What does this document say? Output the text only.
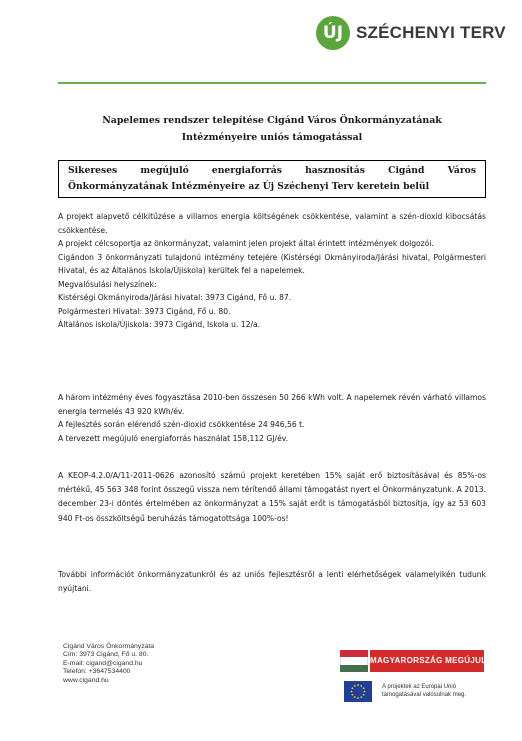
ÚJ SZÉCHENYI TERV
Napelemes rendszer telepítése Cigánd Város Önkormányzatának
Intézményeire uniós támogatással
Sikereses megújuló energiaforrás hasznosítás Cigánd Város Önkormányzatának Intézményeire az Új Széchenyi Terv keretein belül

A projekt alapvető célkitűzése a villamos energia költségének csökkentése, valamint a szén-dioxid kibocsátás csökkentése.

A projekt célcsoportja az önkormányzat, valamint jelen projekt által érintett intézmények dolgozói.

Cigándon 3 önkormányzati tulajdonú intézmény tetejére (Kistérségi Okmányiroda/Járási hivatal, Polgármesteri Hivatal, és az Általános Iskola/Újiskola) kerültek fel a napelemek.

Megvalósulási helyszínek:

Kistérségi Okmányiroda/Járási hivatal: 3973 Cigánd, Fő u. 87.

Polgármesteri Hivatal: 3973 Cigánd, Fő u. 80.

Általános iskola/Újiskola: 3973 Cigánd, Iskola u. 12/a.

A három intézmény éves fogyasztása 2010-ben összesen 50 266 kWh volt. A napelemek révén várható villamos energia termelés 43 920 kWh/év.

A fejlesztés során elérendő szén-dioxid csökkentése 24 946,56 t.

A tervezett megújuló energiaforrás használat 158,112 GJ/év.

A KEOP-4.2.0/A/11-2011-0626 azonosító számú projekt keretében 15% saját erő biztosításával és 85%-os mértékű, 45 563 348 forint összegű vissza nem térítendő állami támogatást nyert el Önkormányzatunk. A 2013. december 23-i döntés értelmében az önkormányzat a 15% saját erőt is támogatásból biztosítja, így az 53 603 940 Ft-os összköltségű beruházás támogatottsága 100%-os!

További információt önkormányzatunkról és az uniós fejlesztésről a lenti elérhetőségek valamelyikén tudunk nyújtani.

Cigánd Város Önkormányzata
Cím: 3973 Cigánd, Fő u. 80.
E-mail: cigand@cigand.hu
Telefon: +3647534400
www.cigand.hu
MAGYARORSZÁG MEGÚJUL
A projektek az Európai Unió
támogatásával valósulnak meg.
